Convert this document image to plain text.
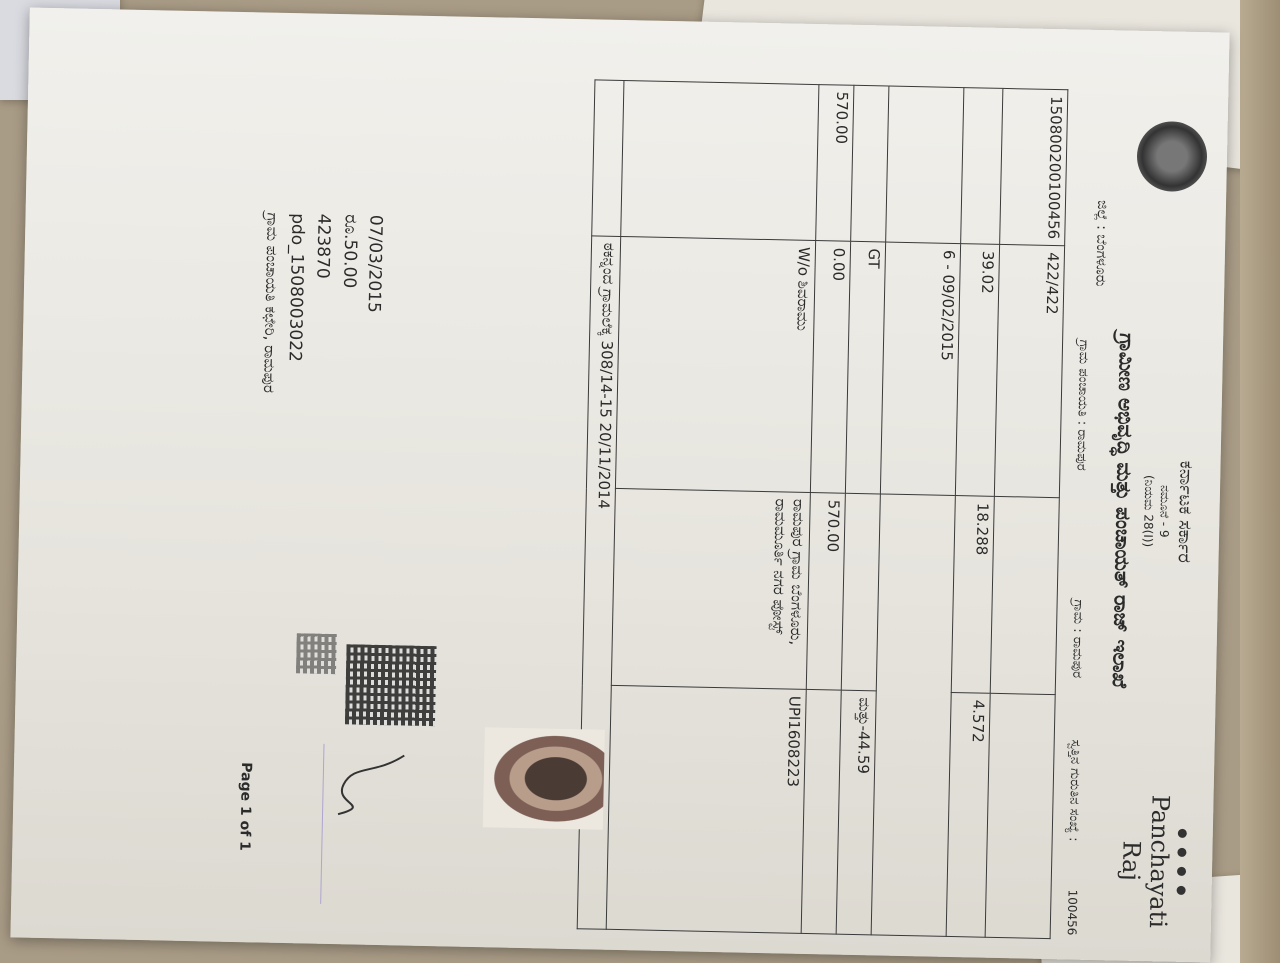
ಕರ್ನಾಟಕ ಸರ್ಕಾರ
ನಮೂನೆ - 9
(ನಿಯಮ 28(I))
ಗ್ರಾಮೀಣ ಅಭಿವೃದ್ಧಿ ಮತ್ತು ಪಂಚಾಯತ್ ರಾಜ್ ಇಲಾಖೆ
Panchayati Raj
ಜಿಲ್ಲೆ : ಬೆಂಗಳೂರು
ಗ್ರಾಮ ಪಂಚಾಯತಿ : ರಾಮಪುರ
ಗ್ರಾಮ : ರಾಮಪುರ
ಸ್ವತ್ತಿನ ಗುರುತಿನ ಸಂಖ್ಯೆ :
100456
150800200100456	422/422		
	39.02	18.288	4.572
	6 - 09/02/2015		
	GT		ಮತ್ತು-44.59
570.00	0.00	570.00	
	W/o ಶಿವರಾಮು	ರಾಮಪುರ ಗ್ರಾಮ ಬೆಂಗಳೂರು, ರಾಮಮೂರ್ತಿ ನಗರ ಪೋಸ್ಟ್	UPI1608223

	ಠಕನ್ನಂದ ಗ್ರಾಮಲೆಕ್ಕ 308/14-15 20/11/2014		
07/03/2015
ರೂ.50.00
423870
pdo_1508003022
ಗ್ರಾಮ ಪಂಚಾಯತಿ ಕಛೇರಿ, ರಾಮಪುರ
Page 1 of 1
